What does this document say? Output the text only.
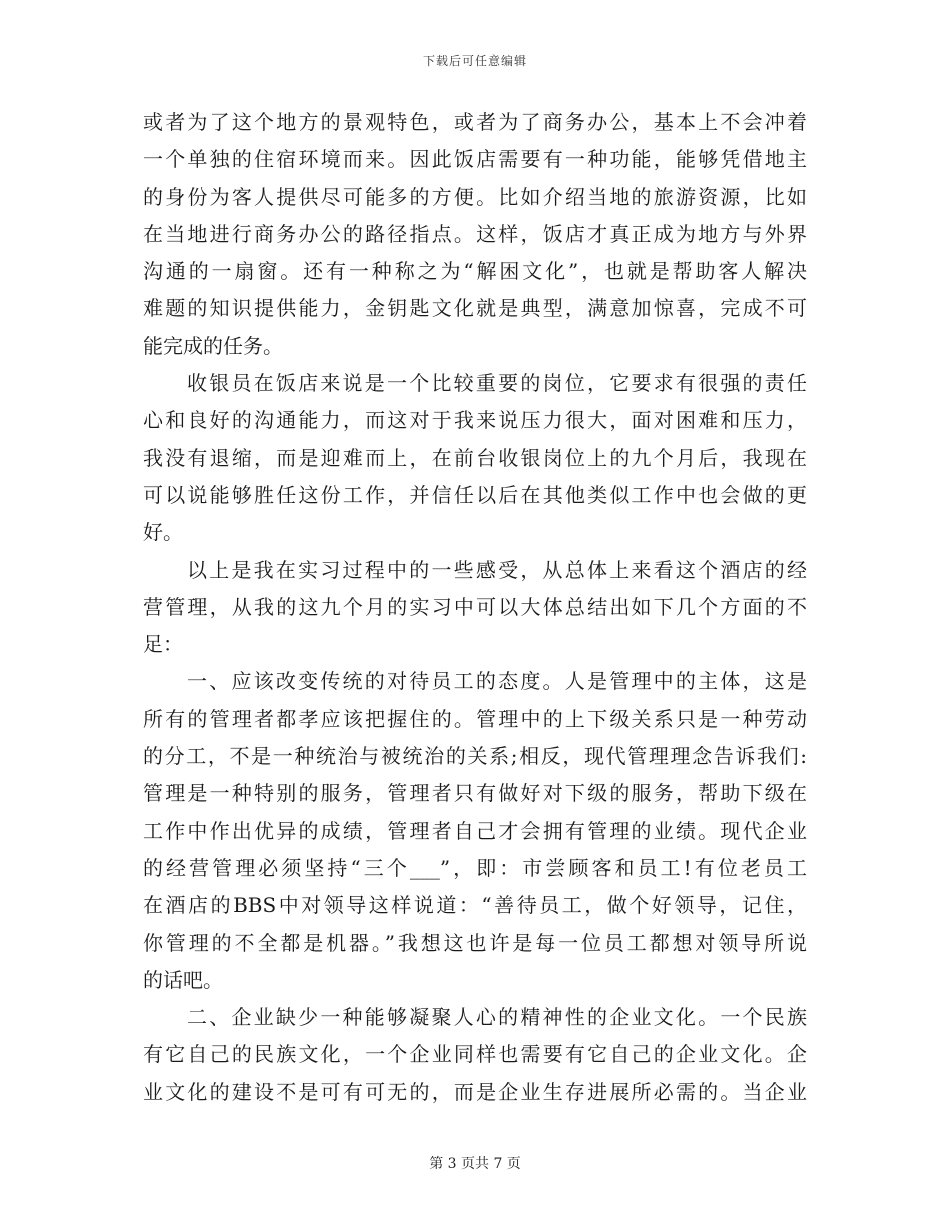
下载后可任意编辑
或者为了这个地方的景观特色，或者为了商务办公，基本上不会冲着
一个单独的住宿环境而来。因此饭店需要有一种功能，能够凭借地主
的身份为客人提供尽可能多的方便。比如介绍当地的旅游资源，比如
在当地进行商务办公的路径指点。这样，饭店才真正成为地方与外界
沟通的一扇窗。还有一种称之为“解困文化”，也就是帮助客人解决
难题的知识提供能力，金钥匙文化就是典型，满意加惊喜，完成不可
能完成的任务。
收银员在饭店来说是一个比较重要的岗位，它要求有很强的责任
心和良好的沟通能力，而这对于我来说压力很大，面对困难和压力，
我没有退缩，而是迎难而上，在前台收银岗位上的九个月后，我现在
可以说能够胜任这份工作，并信任以后在其他类似工作中也会做的更
好。
以上是我在实习过程中的一些感受，从总体上来看这个酒店的经
营管理，从我的这九个月的实习中可以大体总结出如下几个方面的不
足：
一、应该改变传统的对待员工的态度。人是管理中的主体，这是
所有的管理者都孝应该把握住的。管理中的上下级关系只是一种劳动
的分工，不是一种统治与被统治的关系;相反，现代管理理念告诉我们:
管理是一种特别的服务，管理者只有做好对下级的服务，帮助下级在
工作中作出优异的成绩，管理者自己才会拥有管理的业绩。现代企业
的经营管理必须坚持“三个___”，即：市尝顾客和员工!有位老员工
在酒店的BBS中对领导这样说道：“善待员工，做个好领导，记住，
你管理的不全都是机器。”我想这也许是每一位员工都想对领导所说
的话吧。
二、企业缺少一种能够凝聚人心的精神性的企业文化。一个民族
有它自己的民族文化，一个企业同样也需要有它自己的企业文化。企
业文化的建设不是可有可无的，而是企业生存进展所必需的。当企业
第 3 页共 7 页
